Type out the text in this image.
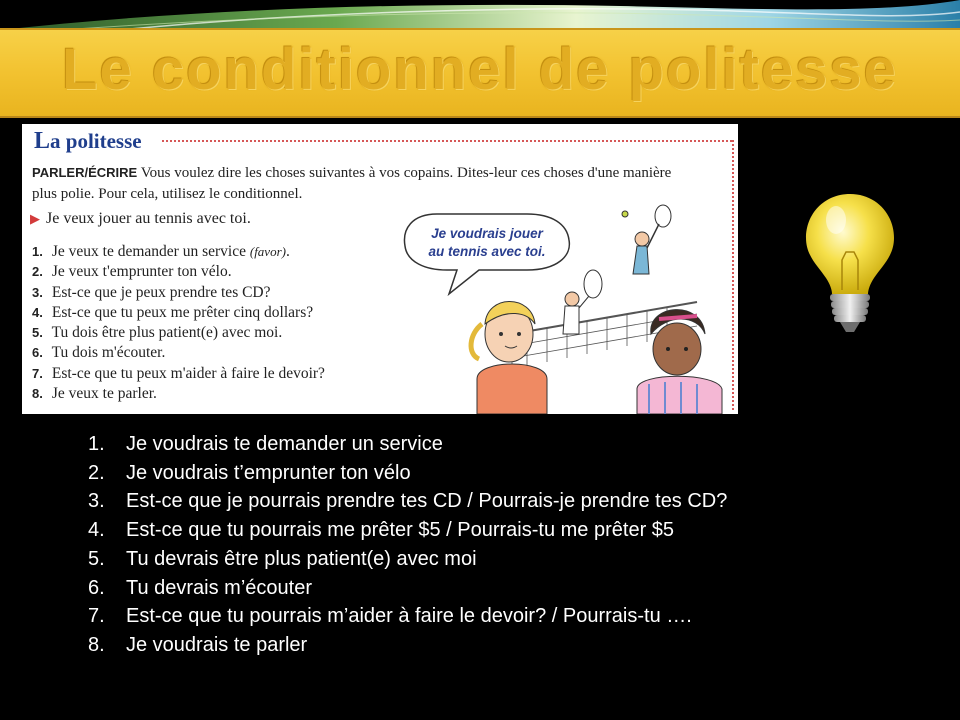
Le conditionnel de politesse
La politesse
PARLER/ÉCRIRE Vous voulez dire les choses suivantes à vos copains. Dites-leur ces choses d'une manière plus polie. Pour cela, utilisez le conditionnel.
▶ Je veux jouer au tennis avec toi.
1. Je veux te demander un service (favor).
2. Je veux t'emprunter ton vélo.
3. Est-ce que je peux prendre tes CD?
4. Est-ce que tu peux me prêter cinq dollars?
5. Tu dois être plus patient(e) avec moi.
6. Tu dois m'écouter.
7. Est-ce que tu peux m'aider à faire le devoir?
8. Je veux te parler.
Je voudrais jouer
au tennis avec toi.
1.	Je voudrais te demander un service
2.	Je voudrais t’emprunter ton vélo
3.	Est-ce que je pourrais prendre tes CD / Pourrais-je prendre tes CD?
4.	Est-ce que tu pourrais me prêter $5 / Pourrais-tu me prêter $5
5.	Tu devrais être plus patient(e) avec moi
6.	Tu devrais m’écouter
7.	Est-ce que tu pourrais m’aider à faire le devoir? / Pourrais-tu ….
8.	Je voudrais te parler
